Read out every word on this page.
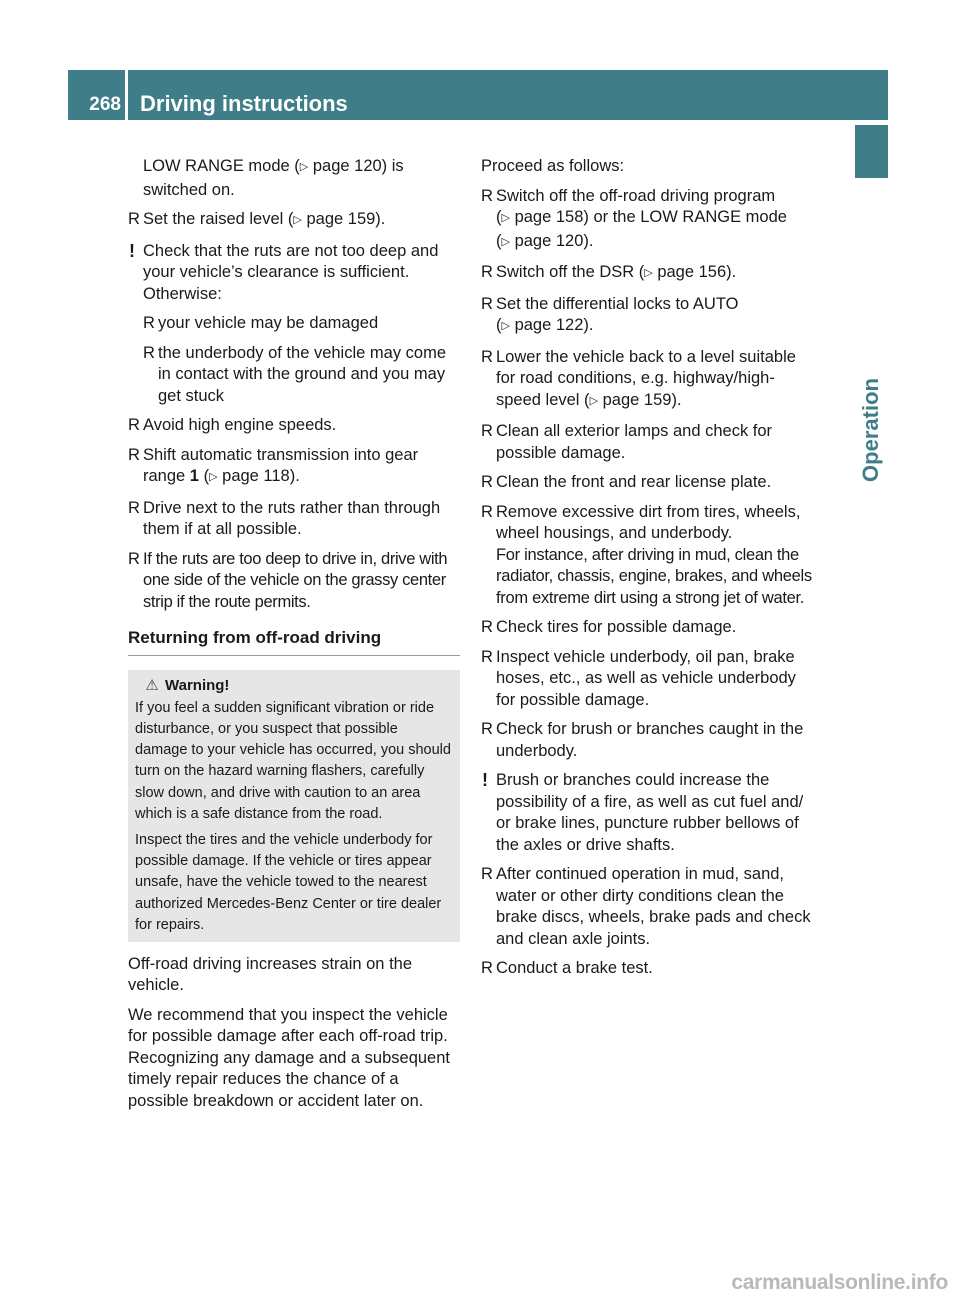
268 Driving instructions
Operation

LOW RANGE mode (▷ page 120) is switched on.

R Set the raised level (▷ page 159).
! Check that the ruts are not too deep and your vehicle’s clearance is sufficient. Otherwise:
R your vehicle may be damaged
R the underbody of the vehicle may come in contact with the ground and you may get stuck
R Avoid high engine speeds.
R Shift automatic transmission into gear range 1 (▷ page 118).
R Drive next to the ruts rather than through them if at all possible.
R If the ruts are too deep to drive in, drive with one side of the vehicle on the grassy center strip if the route permits.
Returning from off-road driving
⚠ Warning!

If you feel a sudden significant vibration or ride disturbance, or you suspect that possible damage to your vehicle has occurred, you should turn on the hazard warning flashers, carefully slow down, and drive with caution to an area which is a safe distance from the road.

Inspect the tires and the vehicle underbody for possible damage. If the vehicle or tires appear unsafe, have the vehicle towed to the nearest authorized Mercedes-Benz Center or tire dealer for repairs.

Off-road driving increases strain on the vehicle.

We recommend that you inspect the vehicle for possible damage after each off-road trip. Recognizing any damage and a subsequent timely repair reduces the chance of a possible breakdown or accident later on.

Proceed as follows:

R Switch off the off-road driving program (▷ page 158) or the LOW RANGE mode (▷ page 120).
R Switch off the DSR (▷ page 156).
R Set the differential locks to AUTO (▷ page 122).
R Lower the vehicle back to a level suitable for road conditions, e.g. highway/high-speed level (▷ page 159).
R Clean all exterior lamps and check for possible damage.
R Clean the front and rear license plate.
R Remove excessive dirt from tires, wheels, wheel housings, and underbody.
For instance, after driving in mud, clean the radiator, chassis, engine, brakes, and wheels from extreme dirt using a strong jet of water.
R Check tires for possible damage.
R Inspect vehicle underbody, oil pan, brake hoses, etc., as well as vehicle underbody for possible damage.
R Check for brush or branches caught in the underbody.
! Brush or branches could increase the possibility of a fire, as well as cut fuel and/ or brake lines, puncture rubber bellows of the axles or drive shafts.
R After continued operation in mud, sand, water or other dirty conditions clean the brake discs, wheels, brake pads and check and clean axle joints.
R Conduct a brake test.
carmanualsonline.info
